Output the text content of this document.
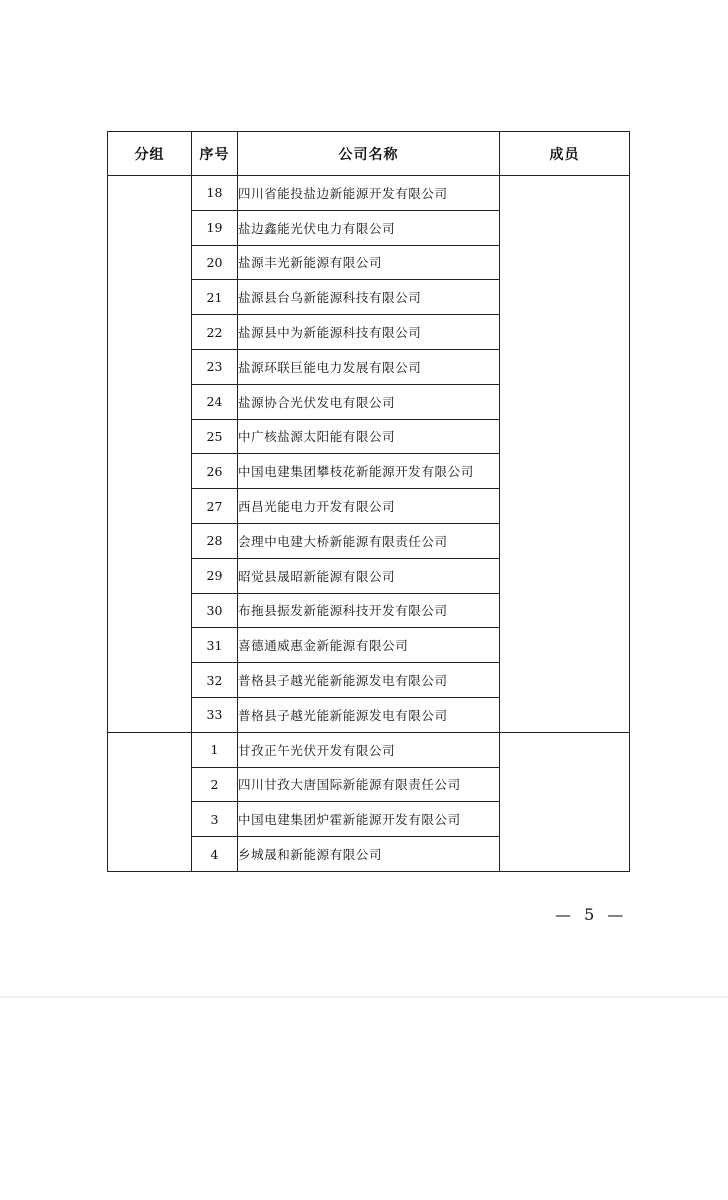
分组	序号	公司名称	成员
	18	四川省能投盐边新能源开发有限公司	
	19	盐边鑫能光伏电力有限公司	
	20	盐源丰光新能源有限公司	
	21	盐源县台乌新能源科技有限公司	
	22	盐源县中为新能源科技有限公司	
	23	盐源环联巨能电力发展有限公司	
	24	盐源协合光伏发电有限公司	
	25	中广核盐源太阳能有限公司	
	26	中国电建集团攀枝花新能源开发有限公司	
	27	西昌光能电力开发有限公司	
	28	会理中电建大桥新能源有限责任公司	
	29	昭觉县晟昭新能源有限公司	
	30	布拖县振发新能源科技开发有限公司	
	31	喜德通威惠金新能源有限公司	
	32	普格县子越光能新能源发电有限公司	
	33	普格县子越光能新能源发电有限公司	
	1	甘孜正午光伏开发有限公司	
	2	四川甘孜大唐国际新能源有限责任公司	
	3	中国电建集团炉霍新能源开发有限公司	
	4	乡城晟和新能源有限公司	
— 5 —
